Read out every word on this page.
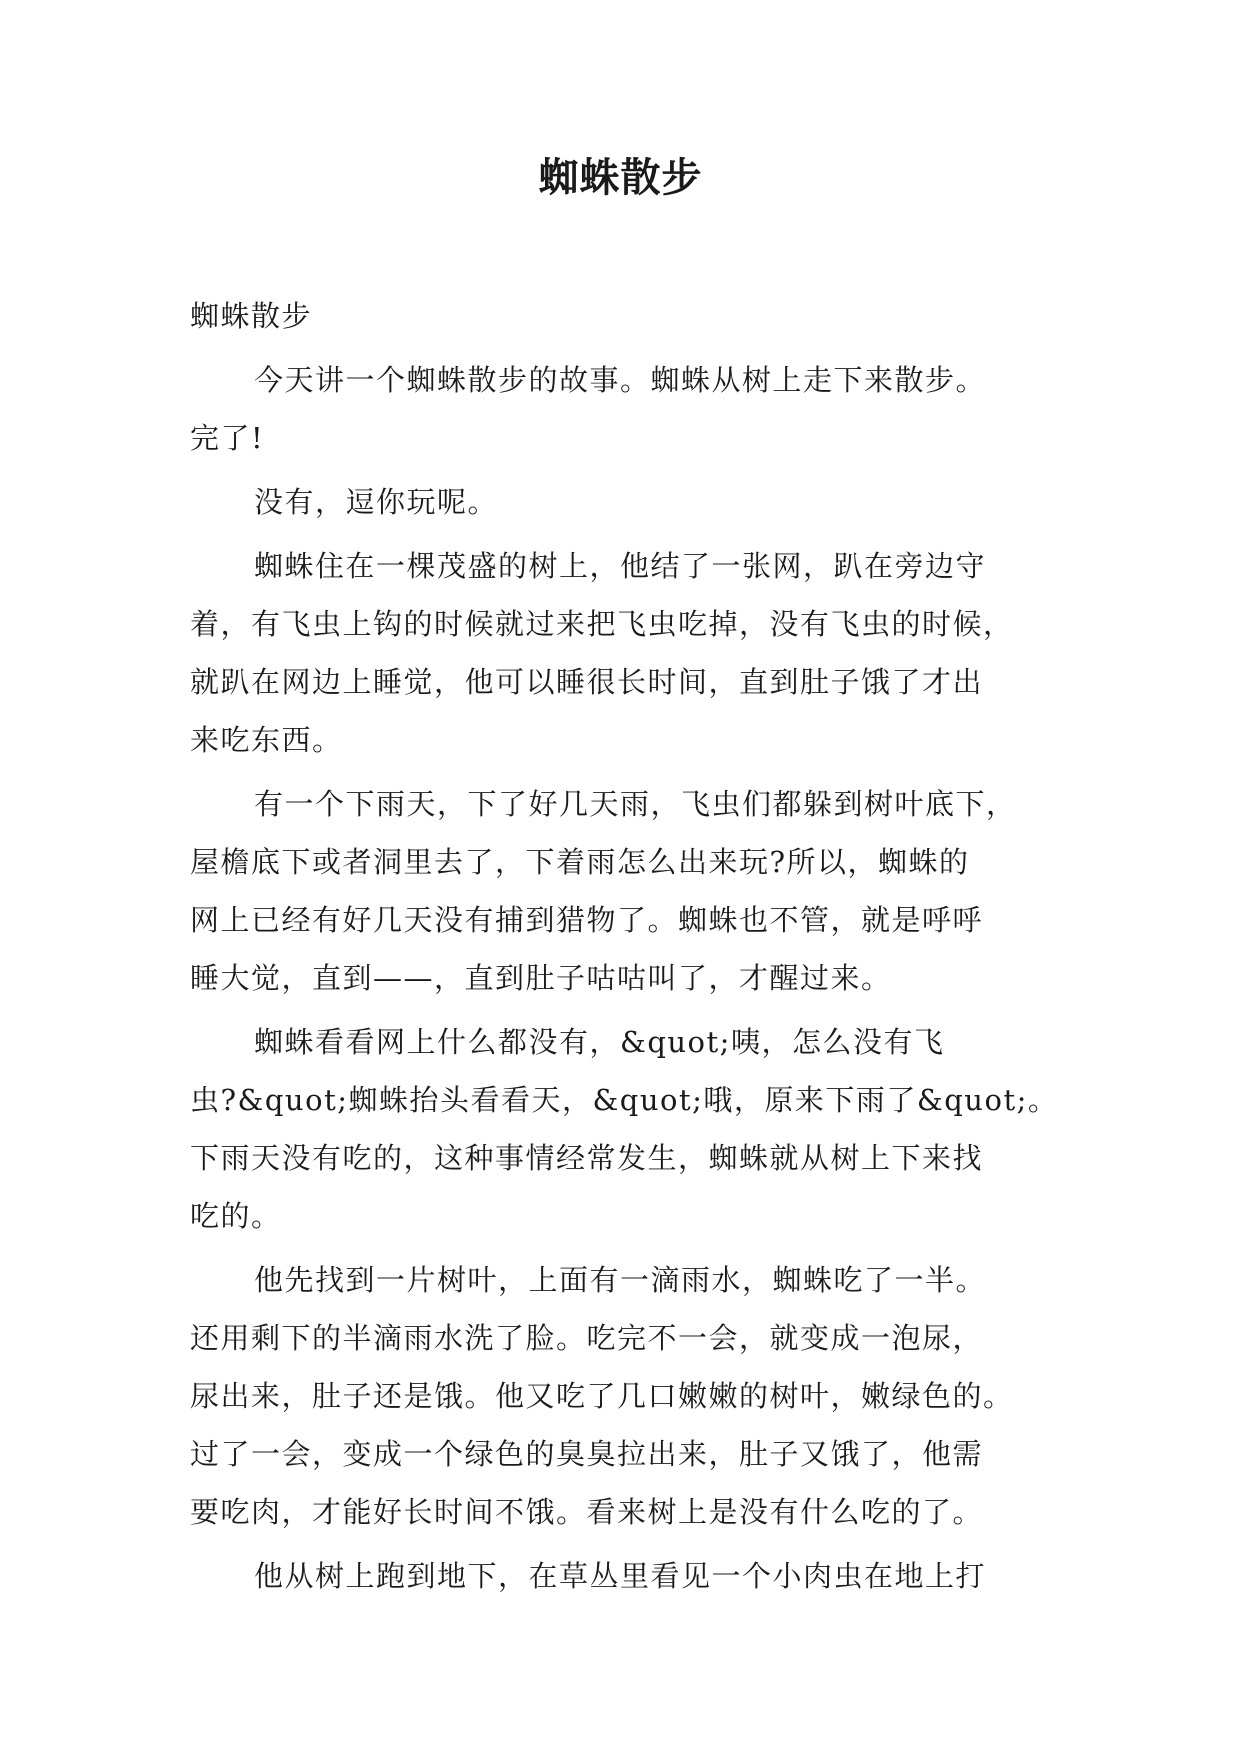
蜘蛛散步
蜘蛛散步
今天讲一个蜘蛛散步的故事。蜘蛛从树上走下来散步。
完了!
没有，逗你玩呢。
蜘蛛住在一棵茂盛的树上，他结了一张网，趴在旁边守
着，有飞虫上钩的时候就过来把飞虫吃掉，没有飞虫的时候，
就趴在网边上睡觉，他可以睡很长时间，直到肚子饿了才出
来吃东西。
有一个下雨天，下了好几天雨，飞虫们都躲到树叶底下，
屋檐底下或者洞里去了，下着雨怎么出来玩?所以，蜘蛛的
网上已经有好几天没有捕到猎物了。蜘蛛也不管，就是呼呼
睡大觉，直到——，直到肚子咕咕叫了，才醒过来。
蜘蛛看看网上什么都没有，&quot;咦，怎么没有飞
虫?&quot;蜘蛛抬头看看天，&quot;哦，原来下雨了&quot;。
下雨天没有吃的，这种事情经常发生，蜘蛛就从树上下来找
吃的。
他先找到一片树叶，上面有一滴雨水，蜘蛛吃了一半。
还用剩下的半滴雨水洗了脸。吃完不一会，就变成一泡尿，
尿出来，肚子还是饿。他又吃了几口嫩嫩的树叶，嫩绿色的。
过了一会，变成一个绿色的臭臭拉出来，肚子又饿了，他需
要吃肉，才能好长时间不饿。看来树上是没有什么吃的了。
他从树上跑到地下，在草丛里看见一个小肉虫在地上打
